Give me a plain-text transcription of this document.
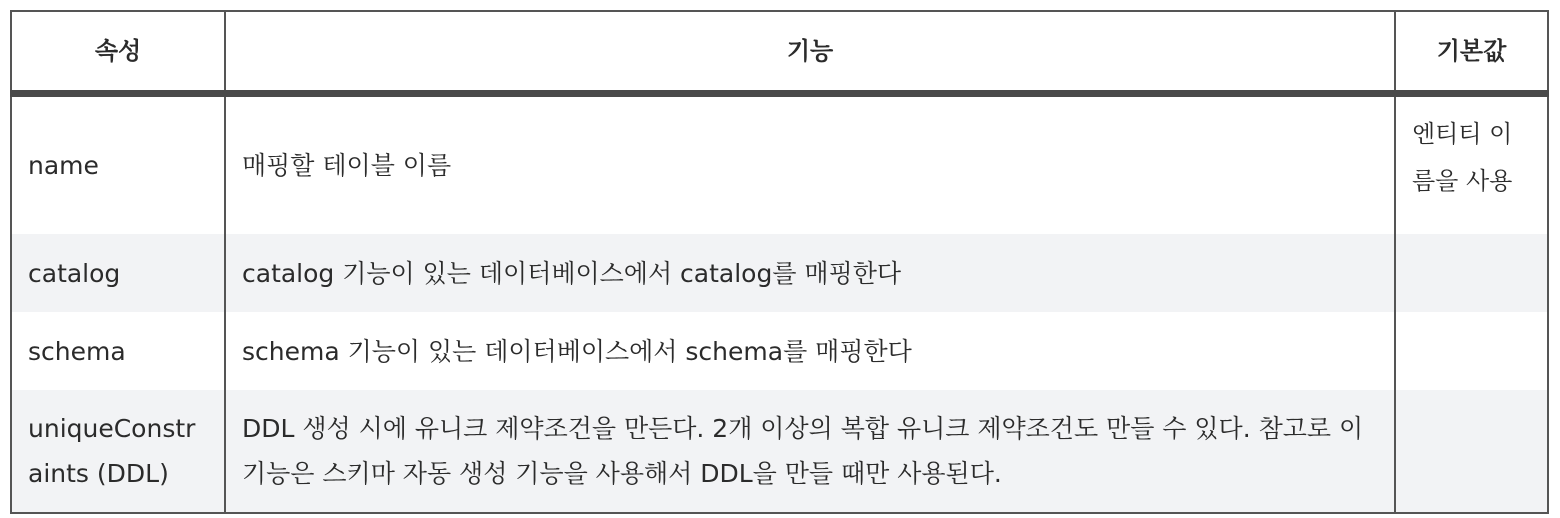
속성	기능	기본값
name	매핑할 테이블 이름	엔티티 이름을 사용
catalog	catalog 기능이 있는 데이터베이스에서 catalog를 매핑한다	
schema	schema 기능이 있는 데이터베이스에서 schema를 매핑한다	
uniqueConstraints (DDL)	DDL 생성 시에 유니크 제약조건을 만든다. 2개 이상의 복합 유니크 제약조건도 만들 수 있다. 참고로 이 기능은 스키마 자동 생성 기능을 사용해서 DDL을 만들 때만 사용된다.	
